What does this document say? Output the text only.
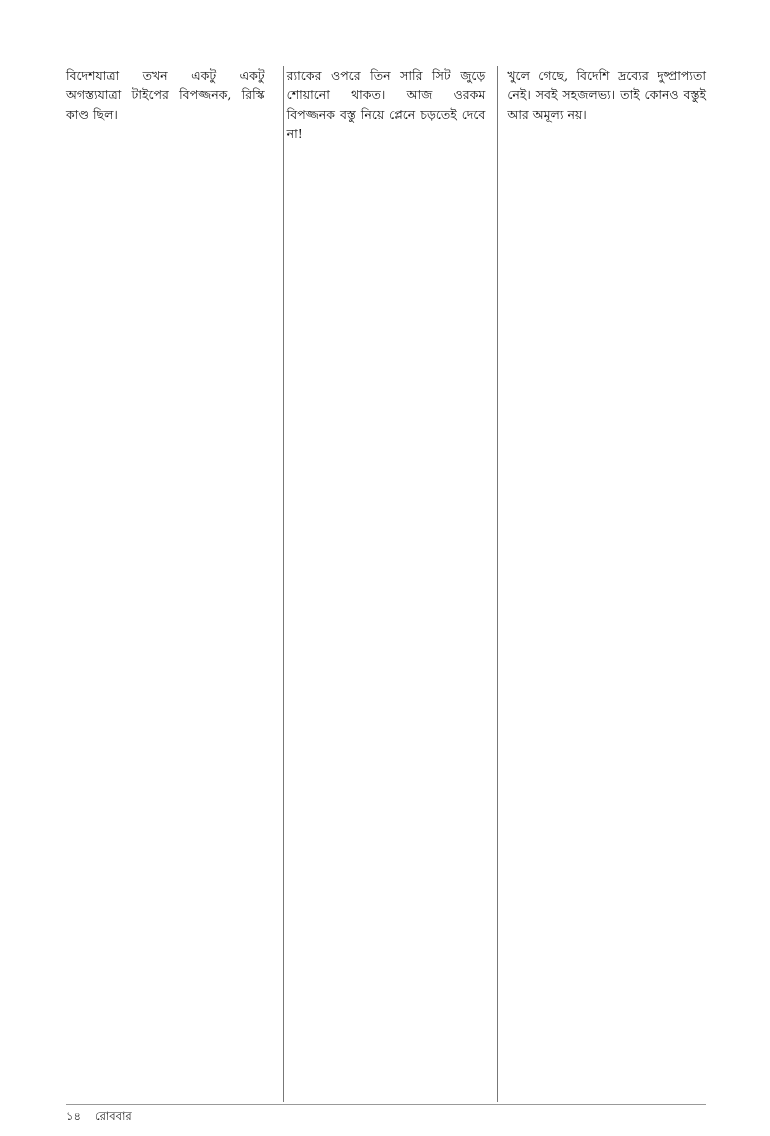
বিদেশযাত্রা তখন একটু একটু অগস্ত্যযাত্রা টাইপের বিপজ্জনক, রিস্কি কাণ্ড ছিল।

র‍্যাকের ওপরে তিন সারি সিট জুড়ে শোয়ানো থাকত। আজ ওরকম বিপজ্জনক বস্তু নিয়ে প্লেনে চড়তেই দেবে না!

খুলে গেছে, বিদেশি দ্রব্যের দুষ্প্রাপ্যতা নেই। সবই সহজলভ্য। তাই কোনও বস্তুই আর অমূল্য নয়।

১৪ রোববার
